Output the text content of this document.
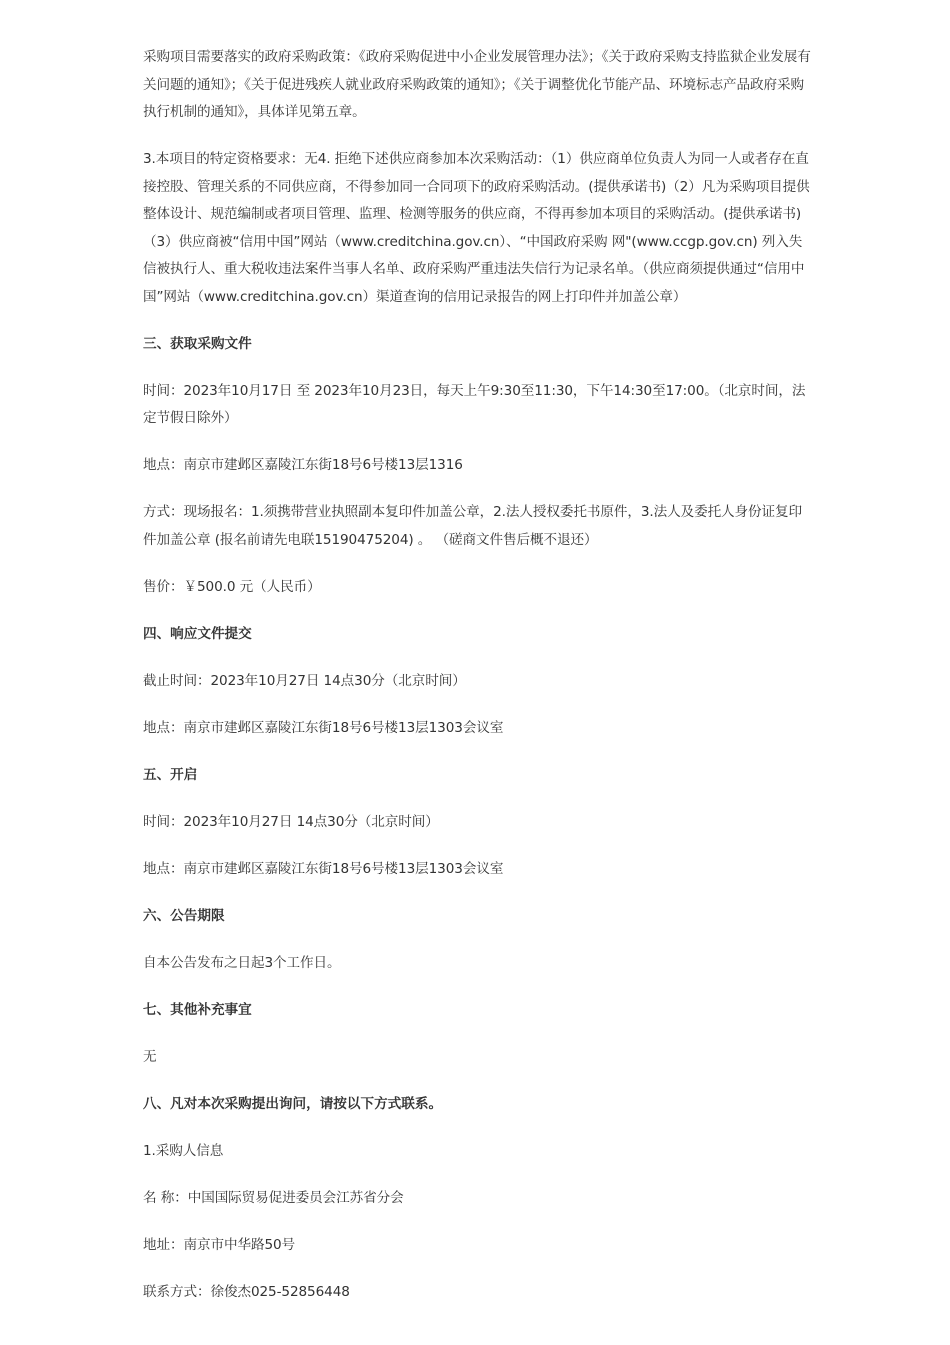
采购项目需要落实的政府采购政策：《政府采购促进中小企业发展管理办法》；《关于政府采购支持监狱企业发展有关问题的通知》；《关于促进残疾人就业政府采购政策的通知》；《关于调整优化节能产品、环境标志产品政府采购执行机制的通知》，具体详见第五章。

3.本项目的特定资格要求：无4. 拒绝下述供应商参加本次采购活动：（1）供应商单位负责人为同一人或者存在直接控股、管理关系的不同供应商，不得参加同一合同项下的政府采购活动。(提供承诺书)（2）凡为采购项目提供整体设计、规范编制或者项目管理、监理、检测等服务的供应商，不得再参加本项目的采购活动。(提供承诺书)（3）供应商被“信用中国”网站（www.creditchina.gov.cn）、“中国政府采购 网"(www.ccgp.gov.cn) 列入失信被执行人、重大税收违法案件当事人名单、政府采购严重违法失信行为记录名单。（供应商须提供通过“信用中国”网站（www.creditchina.gov.cn）渠道查询的信用记录报告的网上打印件并加盖公章）

三、获取采购文件

时间：2023年10月17日 至 2023年10月23日，每天上午9:30至11:30，下午14:30至17:00。（北京时间，法定节假日除外）

地点：南京市建邺区嘉陵江东街18号6号楼13层1316

方式：现场报名：1.须携带营业执照副本复印件加盖公章，2.法人授权委托书原件，3.法人及委托人身份证复印件加盖公章 (报名前请先电联15190475204) 。 （磋商文件售后概不退还）

售价：￥500.0 元（人民币）

四、响应文件提交

截止时间：2023年10月27日 14点30分（北京时间）

地点：南京市建邺区嘉陵江东街18号6号楼13层1303会议室

五、开启

时间：2023年10月27日 14点30分（北京时间）

地点：南京市建邺区嘉陵江东街18号6号楼13层1303会议室

六、公告期限

自本公告发布之日起3个工作日。

七、其他补充事宜

无

八、凡对本次采购提出询问，请按以下方式联系。

1.采购人信息

名 称：中国国际贸易促进委员会江苏省分会

地址：南京市中华路50号

联系方式：徐俊杰025-52856448
